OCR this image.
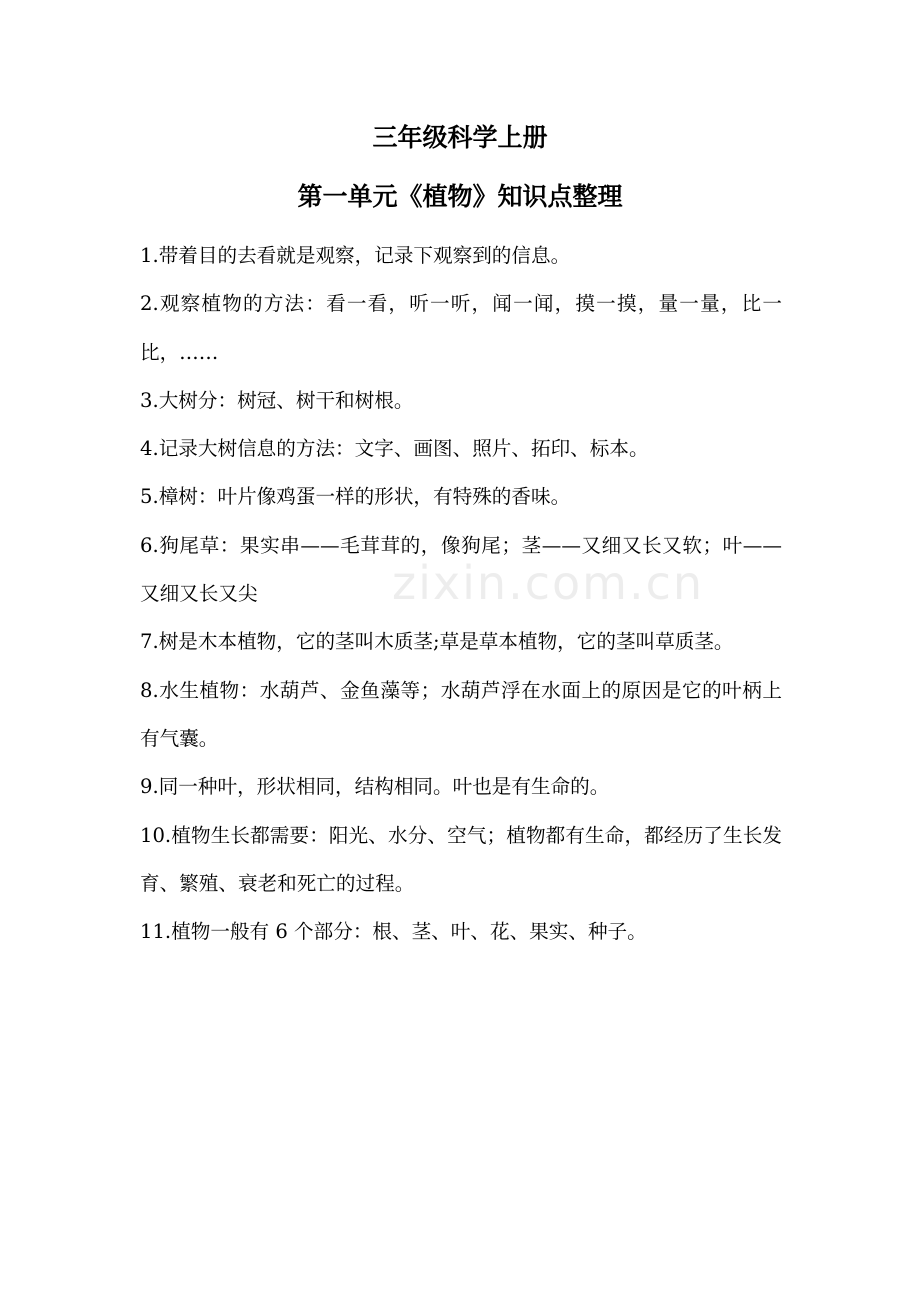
三年级科学上册
第一单元《植物》知识点整理

1.带着目的去看就是观察，记录下观察到的信息。

2.观察植物的方法：看一看，听一听，闻一闻，摸一摸，量一量，比一比，……

3.大树分：树冠、树干和树根。

4.记录大树信息的方法：文字、画图、照片、拓印、标本。

5.樟树：叶片像鸡蛋一样的形状，有特殊的香味。

6.狗尾草：果实串——毛茸茸的，像狗尾；茎——又细又长又软；叶——又细又长又尖

7.树是木本植物，它的茎叫木质茎;草是草本植物，它的茎叫草质茎。

8.水生植物：水葫芦、金鱼藻等；水葫芦浮在水面上的原因是它的叶柄上有气囊。

9.同一种叶，形状相同，结构相同。叶也是有生命的。

10.植物生长都需要：阳光、水分、空气；植物都有生命，都经历了生长发育、繁殖、衰老和死亡的过程。

11.植物一般有 6 个部分：根、茎、叶、花、果实、种子。

zixin.com.cn
